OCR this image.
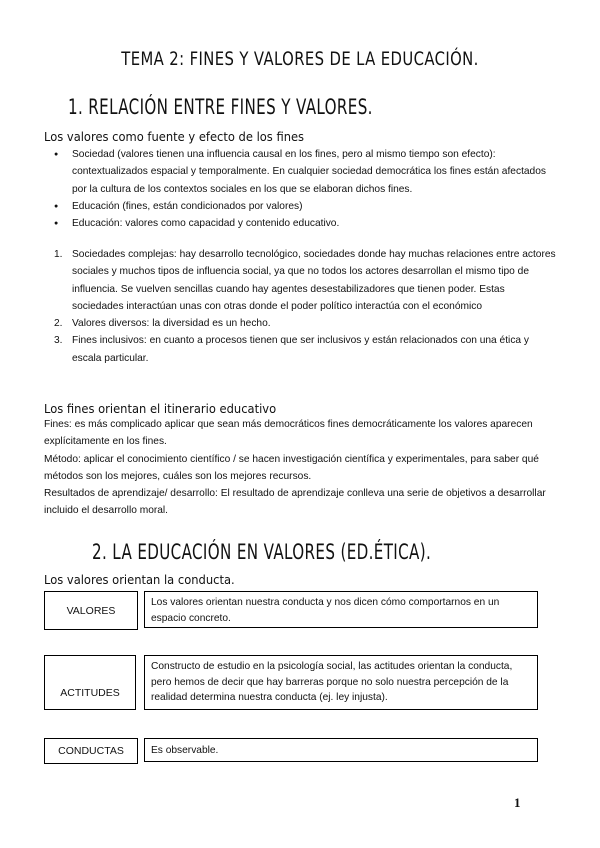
TEMA 2: FINES Y VALORES DE LA EDUCACIÓN.
1. RELACIÓN ENTRE FINES Y VALORES.
Los valores como fuente y efecto de los fines
● Sociedad (valores tienen una influencia causal en los fines, pero al mismo tiempo son efecto): contextualizados espacial y temporalmente. En cualquier sociedad democrática los fines están afectados por la cultura de los contextos sociales en los que se elaboran dichos fines.
● Educación (fines, están condicionados por valores)
● Educación: valores como capacidad y contenido educativo.
1. Sociedades complejas: hay desarrollo tecnológico, sociedades donde hay muchas relaciones entre actores sociales y muchos tipos de influencia social, ya que no todos los actores desarrollan el mismo tipo de influencia. Se vuelven sencillas cuando hay agentes desestabilizadores que tienen poder. Estas sociedades interactúan unas con otras donde el poder político interactúa con el económico
2. Valores diversos: la diversidad es un hecho.
3. Fines inclusivos: en cuanto a procesos tienen que ser inclusivos y están relacionados con una ética y escala particular.
Los fines orientan el itinerario educativo

Fines: es más complicado aplicar que sean más democráticos fines democráticamente los valores aparecen explícitamente en los fines.

Método: aplicar el conocimiento científico / se hacen investigación científica y experimentales, para saber qué métodos son los mejores, cuáles son los mejores recursos.

Resultados de aprendizaje/ desarrollo: El resultado de aprendizaje conlleva una serie de objetivos a desarrollar incluido el desarrollo moral.

2. LA EDUCACIÓN EN VALORES (ED.ÉTICA).
Los valores orientan la conducta.
VALORES
Los valores orientan nuestra conducta y nos dicen cómo comportarnos en un espacio concreto.
ACTITUDES
Constructo de estudio en la psicología social, las actitudes orientan la conducta, pero hemos de decir que hay barreras porque no solo nuestra percepción de la realidad determina nuestra conducta (ej. ley injusta).
CONDUCTAS	Es observable.
1
